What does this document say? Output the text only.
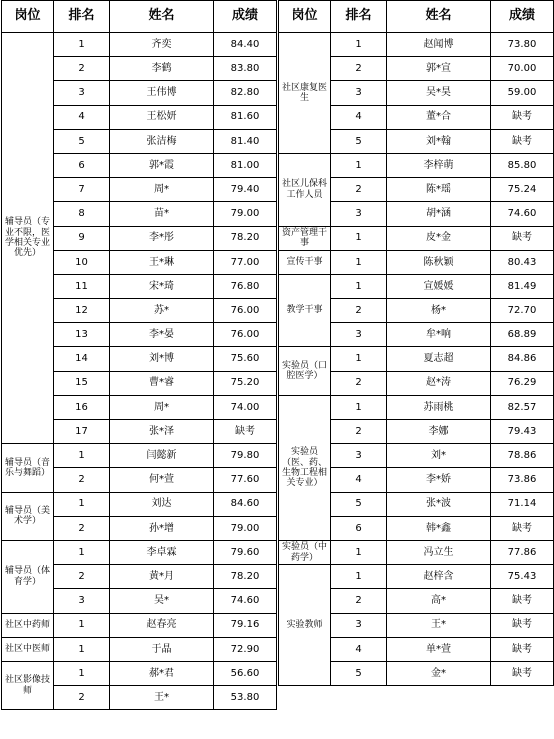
岗位	排名	姓名	成绩
辅导员（专业不限，医学相关专业优先）	1	齐奕	84.40
	2	李鹤	83.80
	3	王伟博	82.80
	4	王松妍	81.60
	5	张洁梅	81.40
	6	郭*霞	81.00
	7	周*	79.40
	8	苗*	79.00
	9	李*彤	78.20
	10	王*琳	77.00
	11	宋*琦	76.80
	12	苏*	76.00
	13	李*晏	76.00
	14	刘*博	75.60
	15	曹*睿	75.20
	16	周*	74.00
	17	张*泽	缺考
辅导员（音乐与舞蹈）	1	闫懿新	79.80
	2	何*萱	77.60
辅导员（美术学）	1	刘达	84.60
	2	孙*增	79.00
辅导员（体育学）	1	李卓霖	79.60
	2	黄*月	78.20
	3	吴*	74.60
社区中药师	1	赵春亮	79.16
社区中医师	1	于晶	72.90
社区影像技师	1	郝*君	56.60
	2	王*	53.80
岗位	排名	姓名	成绩
社区康复医生	1	赵闻博	73.80
	2	郭*宣	70.00
	3	吴*昊	59.00
	4	董*合	缺考
	5	刘*翰	缺考
社区儿保科工作人员	1	李梓萌	85.80
	2	陈*瑶	75.24
	3	胡*涵	74.60
资产管理干事	1	皮*金	缺考
宣传干事	1	陈秋颖	80.43
教学干事	1	宣媛媛	81.49
	2	杨*	72.70
	3	牟*响	68.89
实验员（口腔医学）	1	夏志超	84.86
	2	赵*涛	76.29
实验员（医、药、生物工程相关专业）	1	苏雨桃	82.57
	2	李娜	79.43
	3	刘*	78.86
	4	李*娇	73.86
	5	张*波	71.14
	6	韩*鑫	缺考
实验员（中药学）	1	冯立生	77.86
实验教师	1	赵梓含	75.43
	2	高*	缺考
	3	王*	缺考
	4	单*萱	缺考
	5	金*	缺考
